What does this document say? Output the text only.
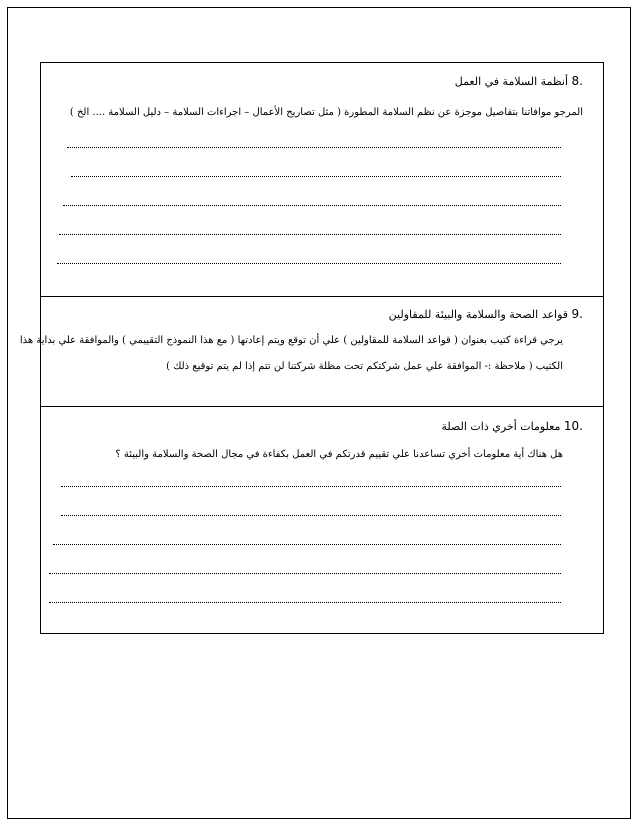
.8 أنظمة السلامة في العمل
المرجو موافاتنا بتفاصيل موجزة عن نظم السلامة المطورة ( مثل تصاريح الأعمال – اجراءات السلامة – دليل السلامة .... الخ )
.9 قواعد الصحة والسلامة والبيئة للمقاولين
يرجي قراءة كتيب بعنوان ( قواعد السلامة للمقاولين ) علي أن توقع ويتم إعادتها ( مع هذا النموذج التقييمي ) والموافقة علي بداية هذا
الكتيب ( ملاحظة :- الموافقة علي عمل شركتكم تحت مظلة شركتنا لن تتم إذا لم يتم توقيع ذلك )
.10 معلومات أخري ذات الصلة
هل هناك أية معلومات أخري تساعدنا علي تقييم قدرتكم في العمل بكفاءة في مجال الصحة والسلامة والبيئة ؟
